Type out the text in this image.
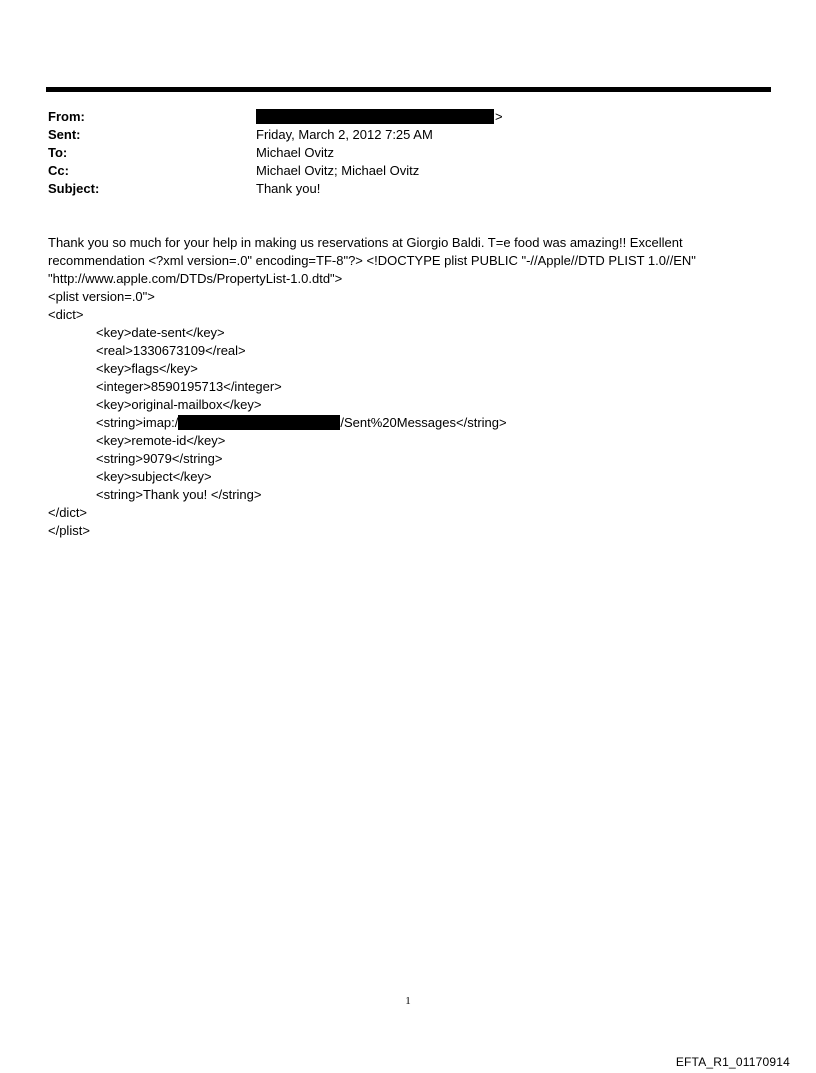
From:	>
Sent:	Friday, March 2, 2012 7:25 AM
To:	Michael Ovitz
Cc:	Michael Ovitz; Michael Ovitz
Subject:	Thank you!
Thank you so much for your help in making us reservations at Giorgio Baldi. T=e food was amazing!! Excellent
recommendation <?xml version=.0" encoding=TF-8"?> <!DOCTYPE plist PUBLIC "-//Apple//DTD PLIST 1.0//EN"
"http://www.apple.com/DTDs/PropertyList-1.0.dtd">
<plist version=.0">
<dict>
<key>date-sent</key>
<real>1330673109</real>
<key>flags</key>
<integer>8590195713</integer>
<key>original-mailbox</key>
<string>imap:/	/Sent%20Messages</string>
<key>remote-id</key>
<string>9079</string>
<key>subject</key>
<string>Thank you! </string>
</dict>
</plist>
1
EFTA_R1_01170914
